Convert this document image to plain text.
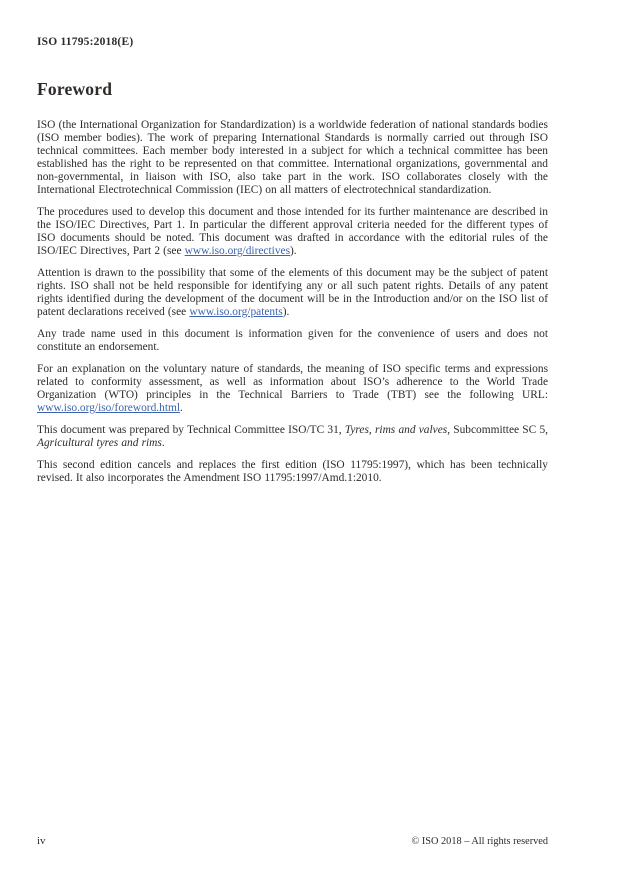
ISO 11795:2018(E)
Foreword

ISO (the International Organization for Standardization) is a worldwide federation of national standards bodies (ISO member bodies). The work of preparing International Standards is normally carried out through ISO technical committees. Each member body interested in a subject for which a technical committee has been established has the right to be represented on that committee. International organizations, governmental and non-governmental, in liaison with ISO, also take part in the work. ISO collaborates closely with the International Electrotechnical Commission (IEC) on all matters of electrotechnical standardization.

The procedures used to develop this document and those intended for its further maintenance are described in the ISO/IEC Directives, Part 1. In particular the different approval criteria needed for the different types of ISO documents should be noted. This document was drafted in accordance with the editorial rules of the ISO/IEC Directives, Part 2 (see www.iso.org/directives).

Attention is drawn to the possibility that some of the elements of this document may be the subject of patent rights. ISO shall not be held responsible for identifying any or all such patent rights. Details of any patent rights identified during the development of the document will be in the Introduction and/or on the ISO list of patent declarations received (see www.iso.org/patents).

Any trade name used in this document is information given for the convenience of users and does not constitute an endorsement.

For an explanation on the voluntary nature of standards, the meaning of ISO specific terms and expressions related to conformity assessment, as well as information about ISO’s adherence to the World Trade Organization (WTO) principles in the Technical Barriers to Trade (TBT) see the following URL: www.iso.org/iso/foreword.html.

This document was prepared by Technical Committee ISO/TC 31, Tyres, rims and valves, Subcommittee SC 5, Agricultural tyres and rims.

This second edition cancels and replaces the first edition (ISO 11795:1997), which has been technically revised. It also incorporates the Amendment ISO 11795:1997/Amd.1:2010.

iv	© ISO 2018 – All rights reserved
